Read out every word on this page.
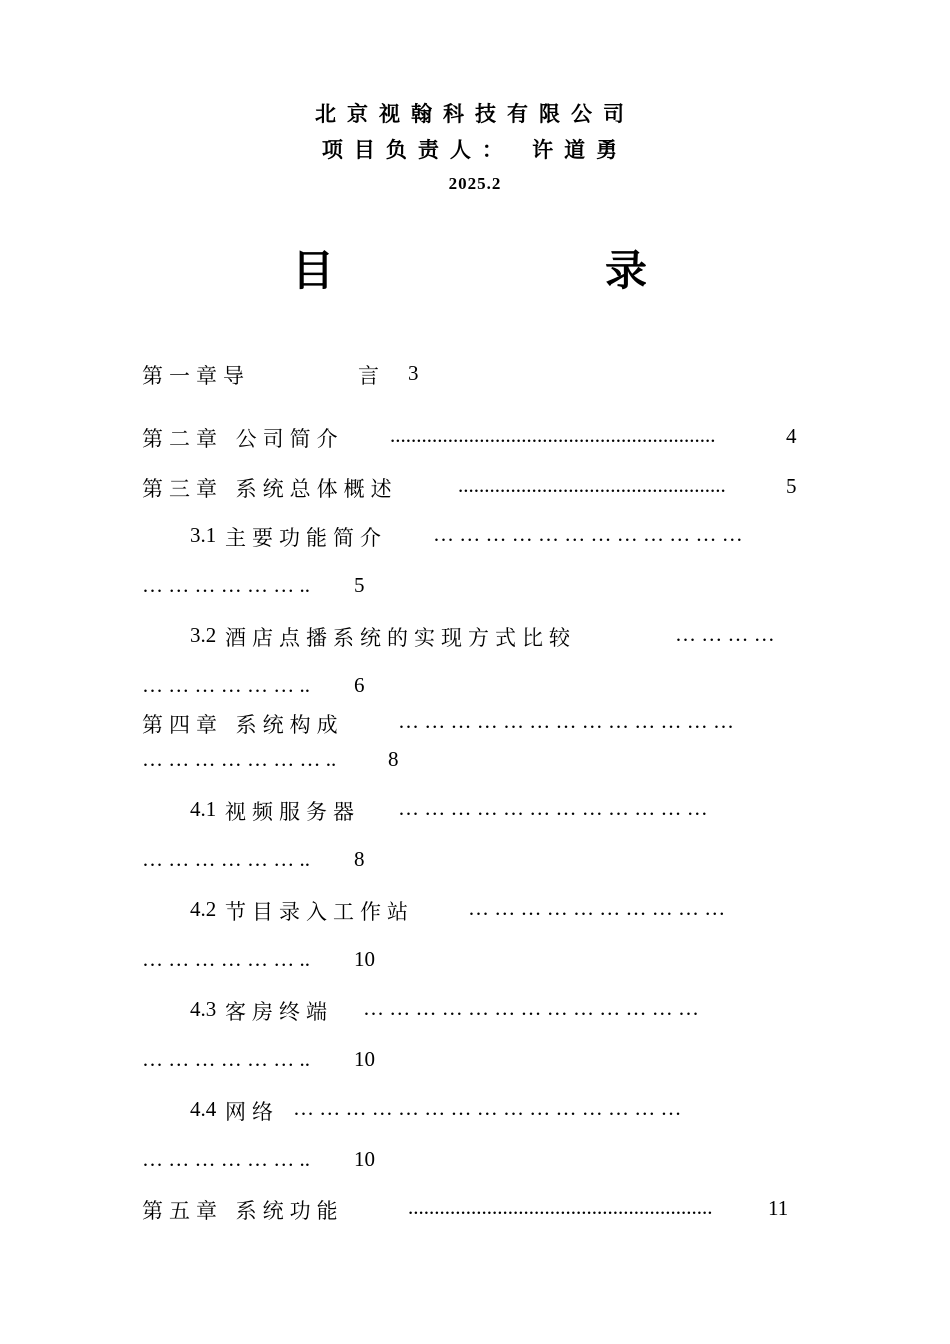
北京视翰科技有限公司
项目负责人： 许道勇
2025.2
目	录
第一章导	言 3
第二章 公司简介 ..............................................................	4
第三章 系统总体概述	...................................................	5
3.1 主要功能简介 … … … … … … … … … … … …
… … … … … … .. 5
3.2 酒店点播系统的实现方式比较	… … … …
… … … … … … .. 6
第四章 系统构成	… … … … … … … … … … … … …
… … … … … … … .. 8
4.1 视频服务器 … … … … … … … … … … … …
… … … … … … .. 8
4.2 节目录入工作站	… … … … … … … … … …
… … … … … … .. 10
4.3 客房终端 … … … … … … … … … … … … …
… … … … … … .. 10
4.4 网络 … … … … … … … … … … … … … … …
… … … … … … .. 10
第五章 系统功能	..........................................................	11
